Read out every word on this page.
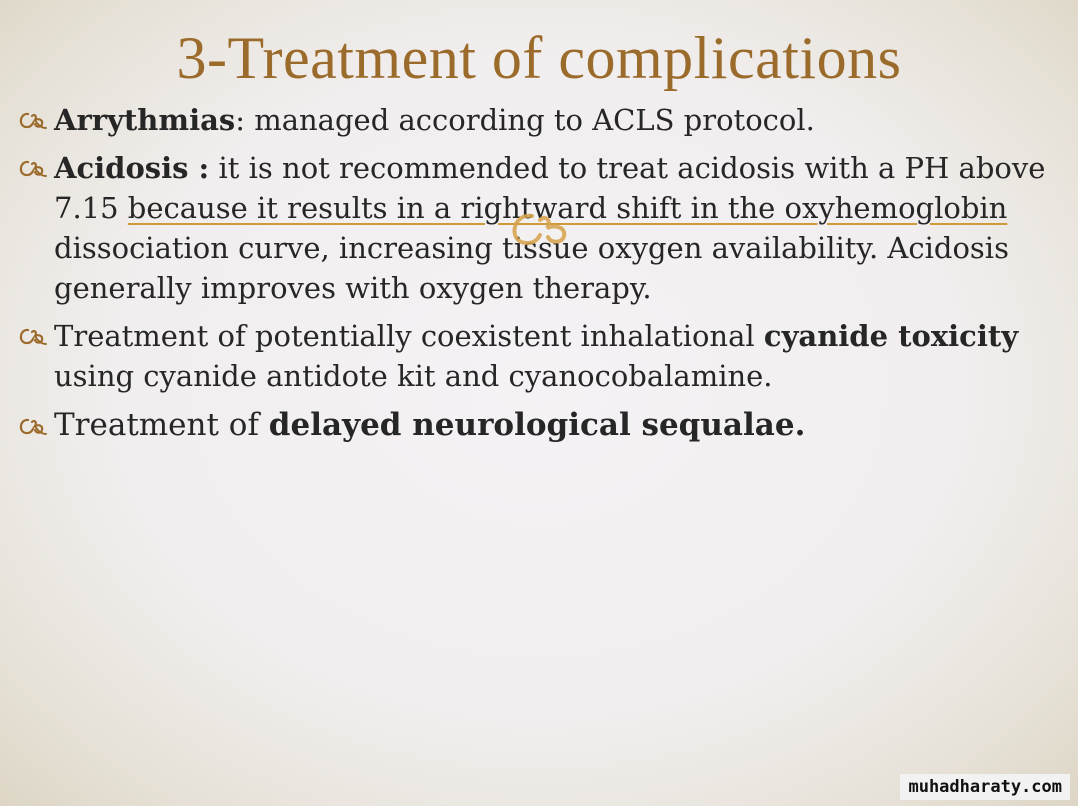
3-Treatment of complications
Arrythmias: managed according to ACLS protocol.
Acidosis : it is not recommended to treat acidosis with a PH above 7.15 because it results in a rightward shift in the oxyhemoglobin dissociation curve, increasing tissue oxygen availability. Acidosis generally improves with oxygen therapy.
Treatment of potentially coexistent inhalational cyanide toxicity using cyanide antidote kit and cyanocobalamine.
Treatment of delayed neurological sequalae.
muhadharaty.com
